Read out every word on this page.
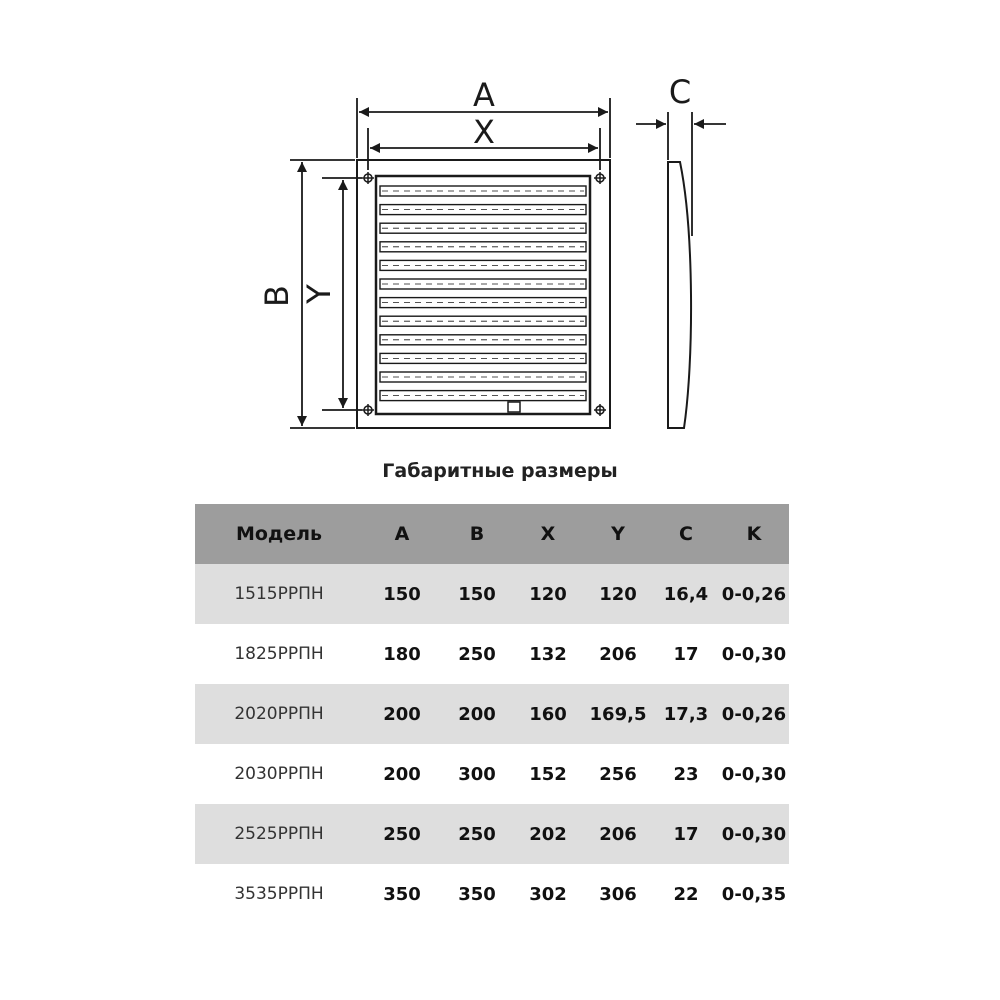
A
X
B Y
C
Габаритные размеры
Модель	A	B	X	Y	C	K
1515РРПН	150	150	120	120	16,4 0-0,26
1825РРПН	180	250	132	206	17	0-0,30
2020РРПН	200	200	160	169,5 17,3 0-0,26
2030РРПН	200	300	152	256	23	0-0,30
2525РРПН	250	250	202	206	17	0-0,30
3535РРПН	350	350	302	306	22	0-0,35
